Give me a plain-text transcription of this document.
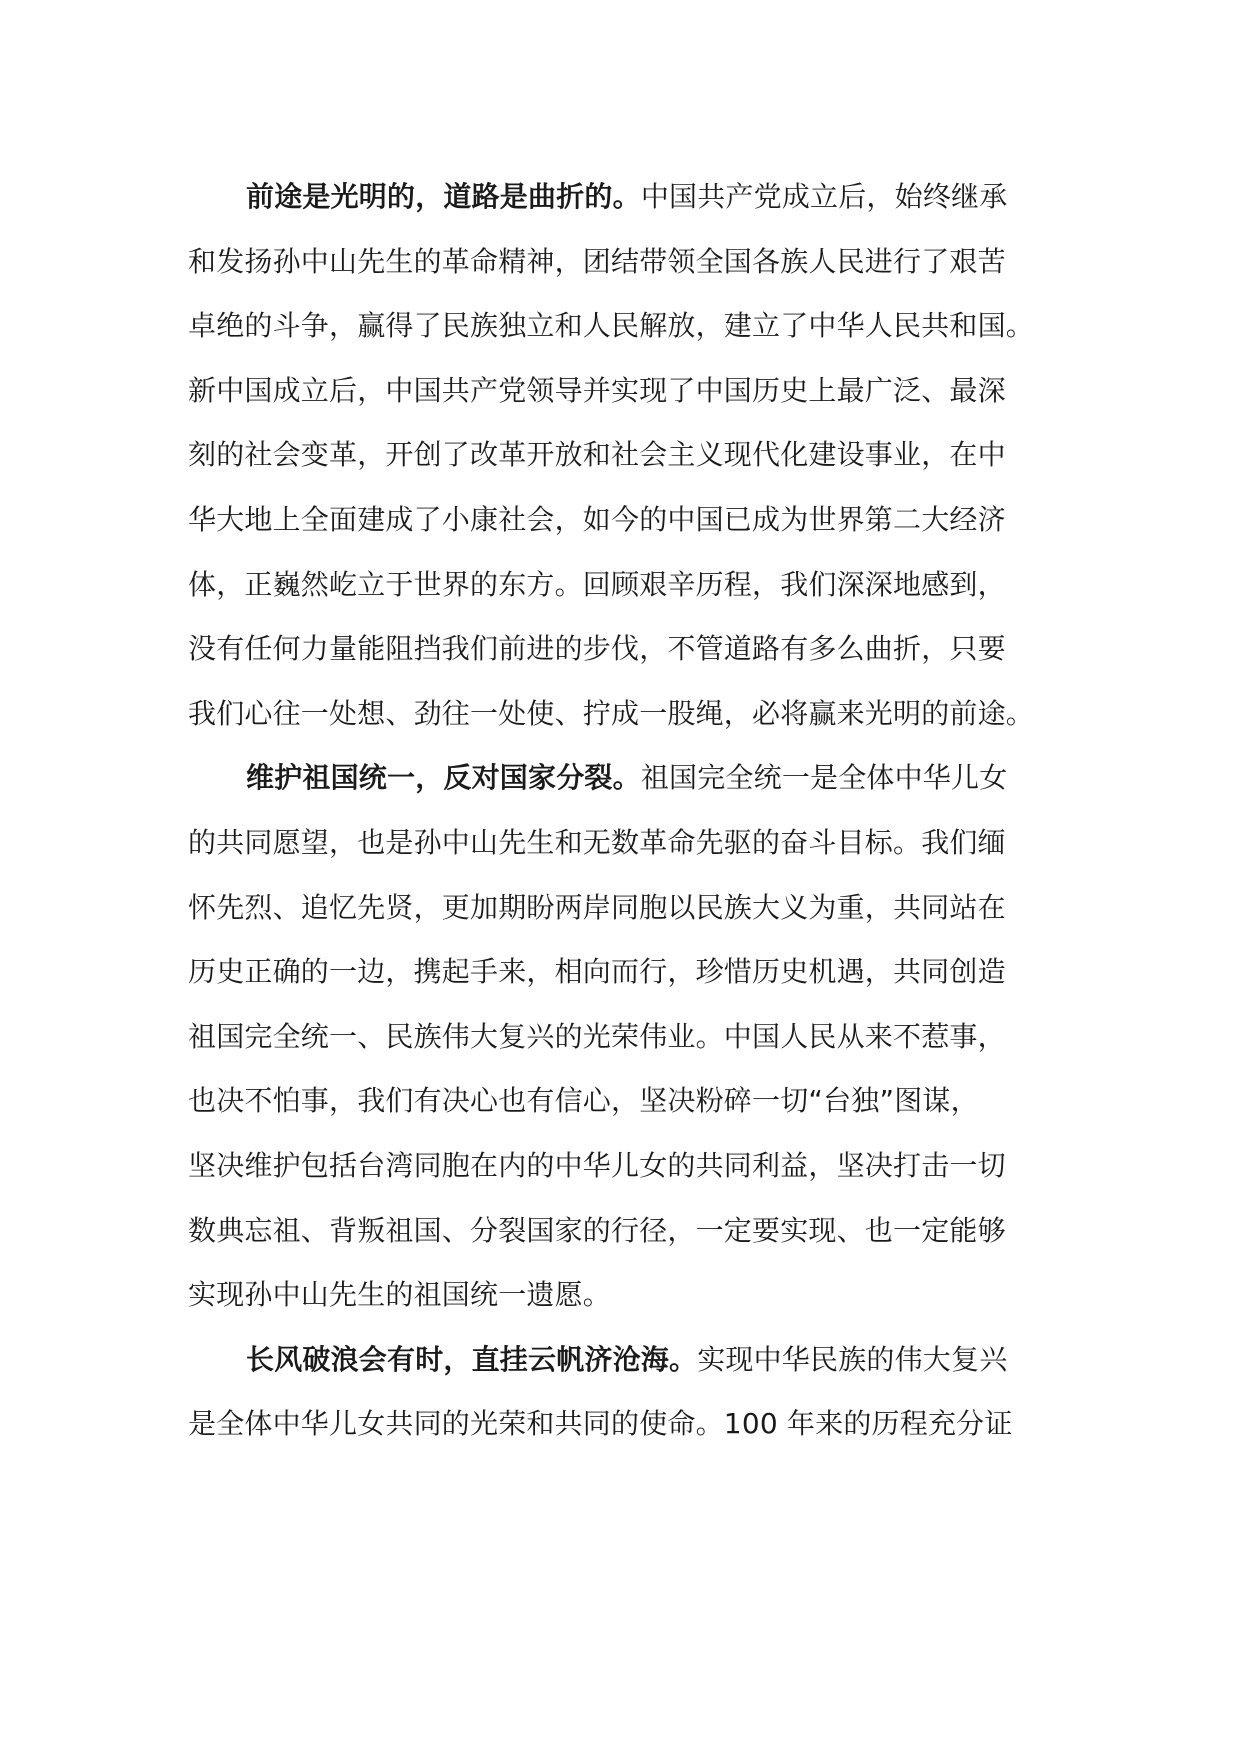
前途是光明的，道路是曲折的。中国共产党成立后，始终继承
和发扬孙中山先生的革命精神，团结带领全国各族人民进行了艰苦
卓绝的斗争，赢得了民族独立和人民解放，建立了中华人民共和国。
新中国成立后，中国共产党领导并实现了中国历史上最广泛、最深
刻的社会变革，开创了改革开放和社会主义现代化建设事业，在中
华大地上全面建成了小康社会，如今的中国已成为世界第二大经济
体，正巍然屹立于世界的东方。回顾艰辛历程，我们深深地感到，
没有任何力量能阻挡我们前进的步伐，不管道路有多么曲折，只要
我们心往一处想、劲往一处使、拧成一股绳，必将赢来光明的前途。
维护祖国统一，反对国家分裂。祖国完全统一是全体中华儿女
的共同愿望，也是孙中山先生和无数革命先驱的奋斗目标。我们缅
怀先烈、追忆先贤，更加期盼两岸同胞以民族大义为重，共同站在
历史正确的一边，携起手来，相向而行，珍惜历史机遇，共同创造
祖国完全统一、民族伟大复兴的光荣伟业。中国人民从来不惹事，
也决不怕事，我们有决心也有信心，坚决粉碎一切“台独”图谋，
坚决维护包括台湾同胞在内的中华儿女的共同利益，坚决打击一切
数典忘祖、背叛祖国、分裂国家的行径，一定要实现、也一定能够
实现孙中山先生的祖国统一遗愿。
长风破浪会有时，直挂云帆济沧海。实现中华民族的伟大复兴
是全体中华儿女共同的光荣和共同的使命。100 年来的历程充分证
